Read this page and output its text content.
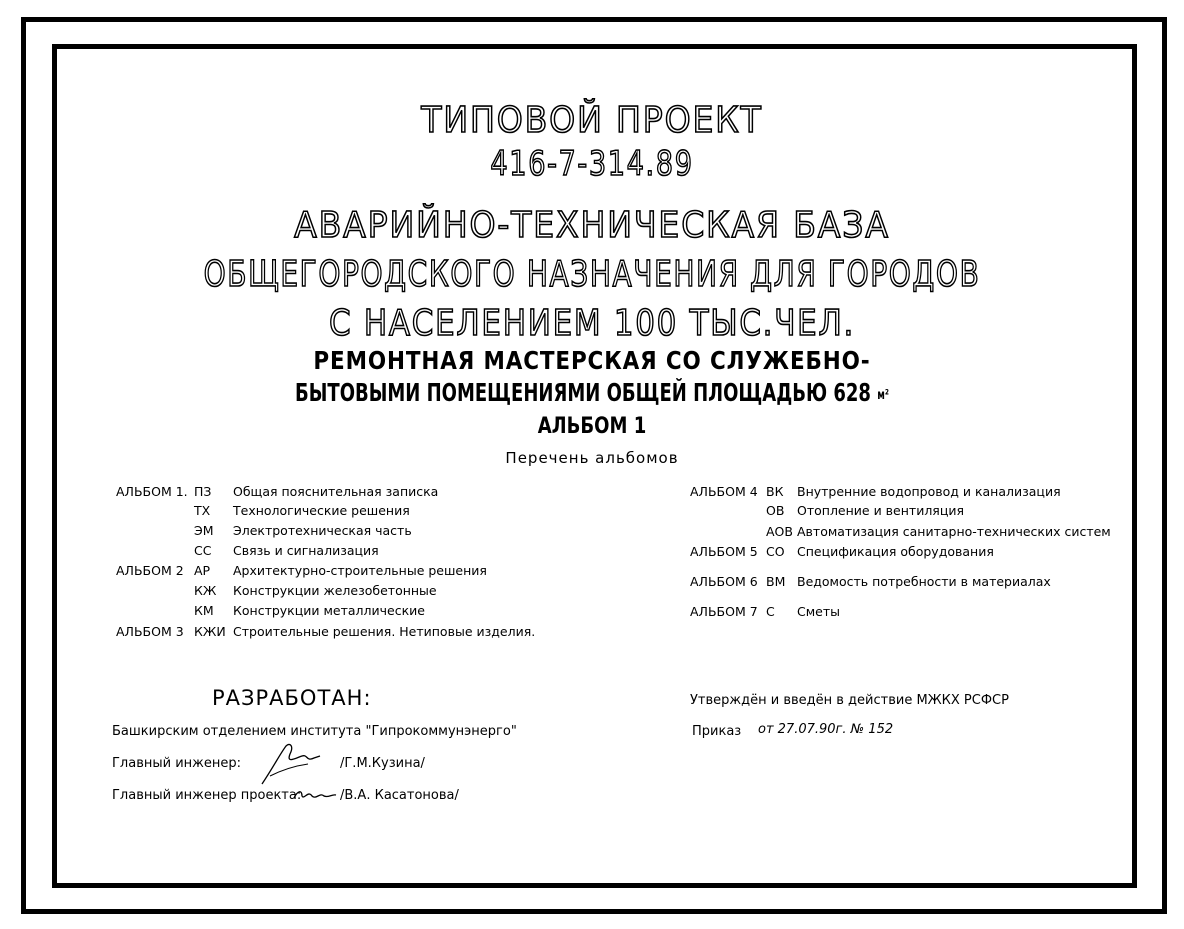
ТИПОВОЙ ПРОЕКТ
416-7-314.89
АВАРИЙНО-ТЕХНИЧЕСКАЯ БАЗА
ОБЩЕГОРОДСКОГО НАЗНАЧЕНИЯ ДЛЯ ГОРОДОВ
С НАСЕЛЕНИЕМ 100 ТЫС.ЧЕЛ.
РЕМОНТНАЯ МАСТЕРСКАЯ СО СЛУЖЕБНО-
БЫТОВЫМИ ПОМЕЩЕНИЯМИ ОБЩЕЙ ПЛОЩАДЬЮ 628 м²
АЛЬБОМ 1
Перечень альбомов
АЛЬБОМ 1. ПЗ Общая пояснительная записка
ТХ Технологические решения
ЭМ Электротехническая часть
СС Связь и сигнализация
АЛЬБОМ 2 АР Архитектурно-строительные решения
КЖ Конструкции железобетонные
КМ Конструкции металлические
АЛЬБОМ 3 КЖИ Строительные решения. Нетиповые изделия.
АЛЬБОМ 4 ВК Внутренние водопровод и канализация
ОВ Отопление и вентиляция
АОВ Автоматизация санитарно-технических систем
АЛЬБОМ 5 СО Спецификация оборудования
АЛЬБОМ 6 ВМ Ведомость потребности в материалах
АЛЬБОМ 7 С Сметы
РАЗРАБОТАН:
Башкирским отделением института "Гипрокоммунэнерго"
Главный инженер:	/Г.М.Кузина/
Главный инженер проекта:	/В.А. Касатонова/
Утверждён и введён в действие МЖКХ РСФСР
Приказ от 27.07.90г. № 152
